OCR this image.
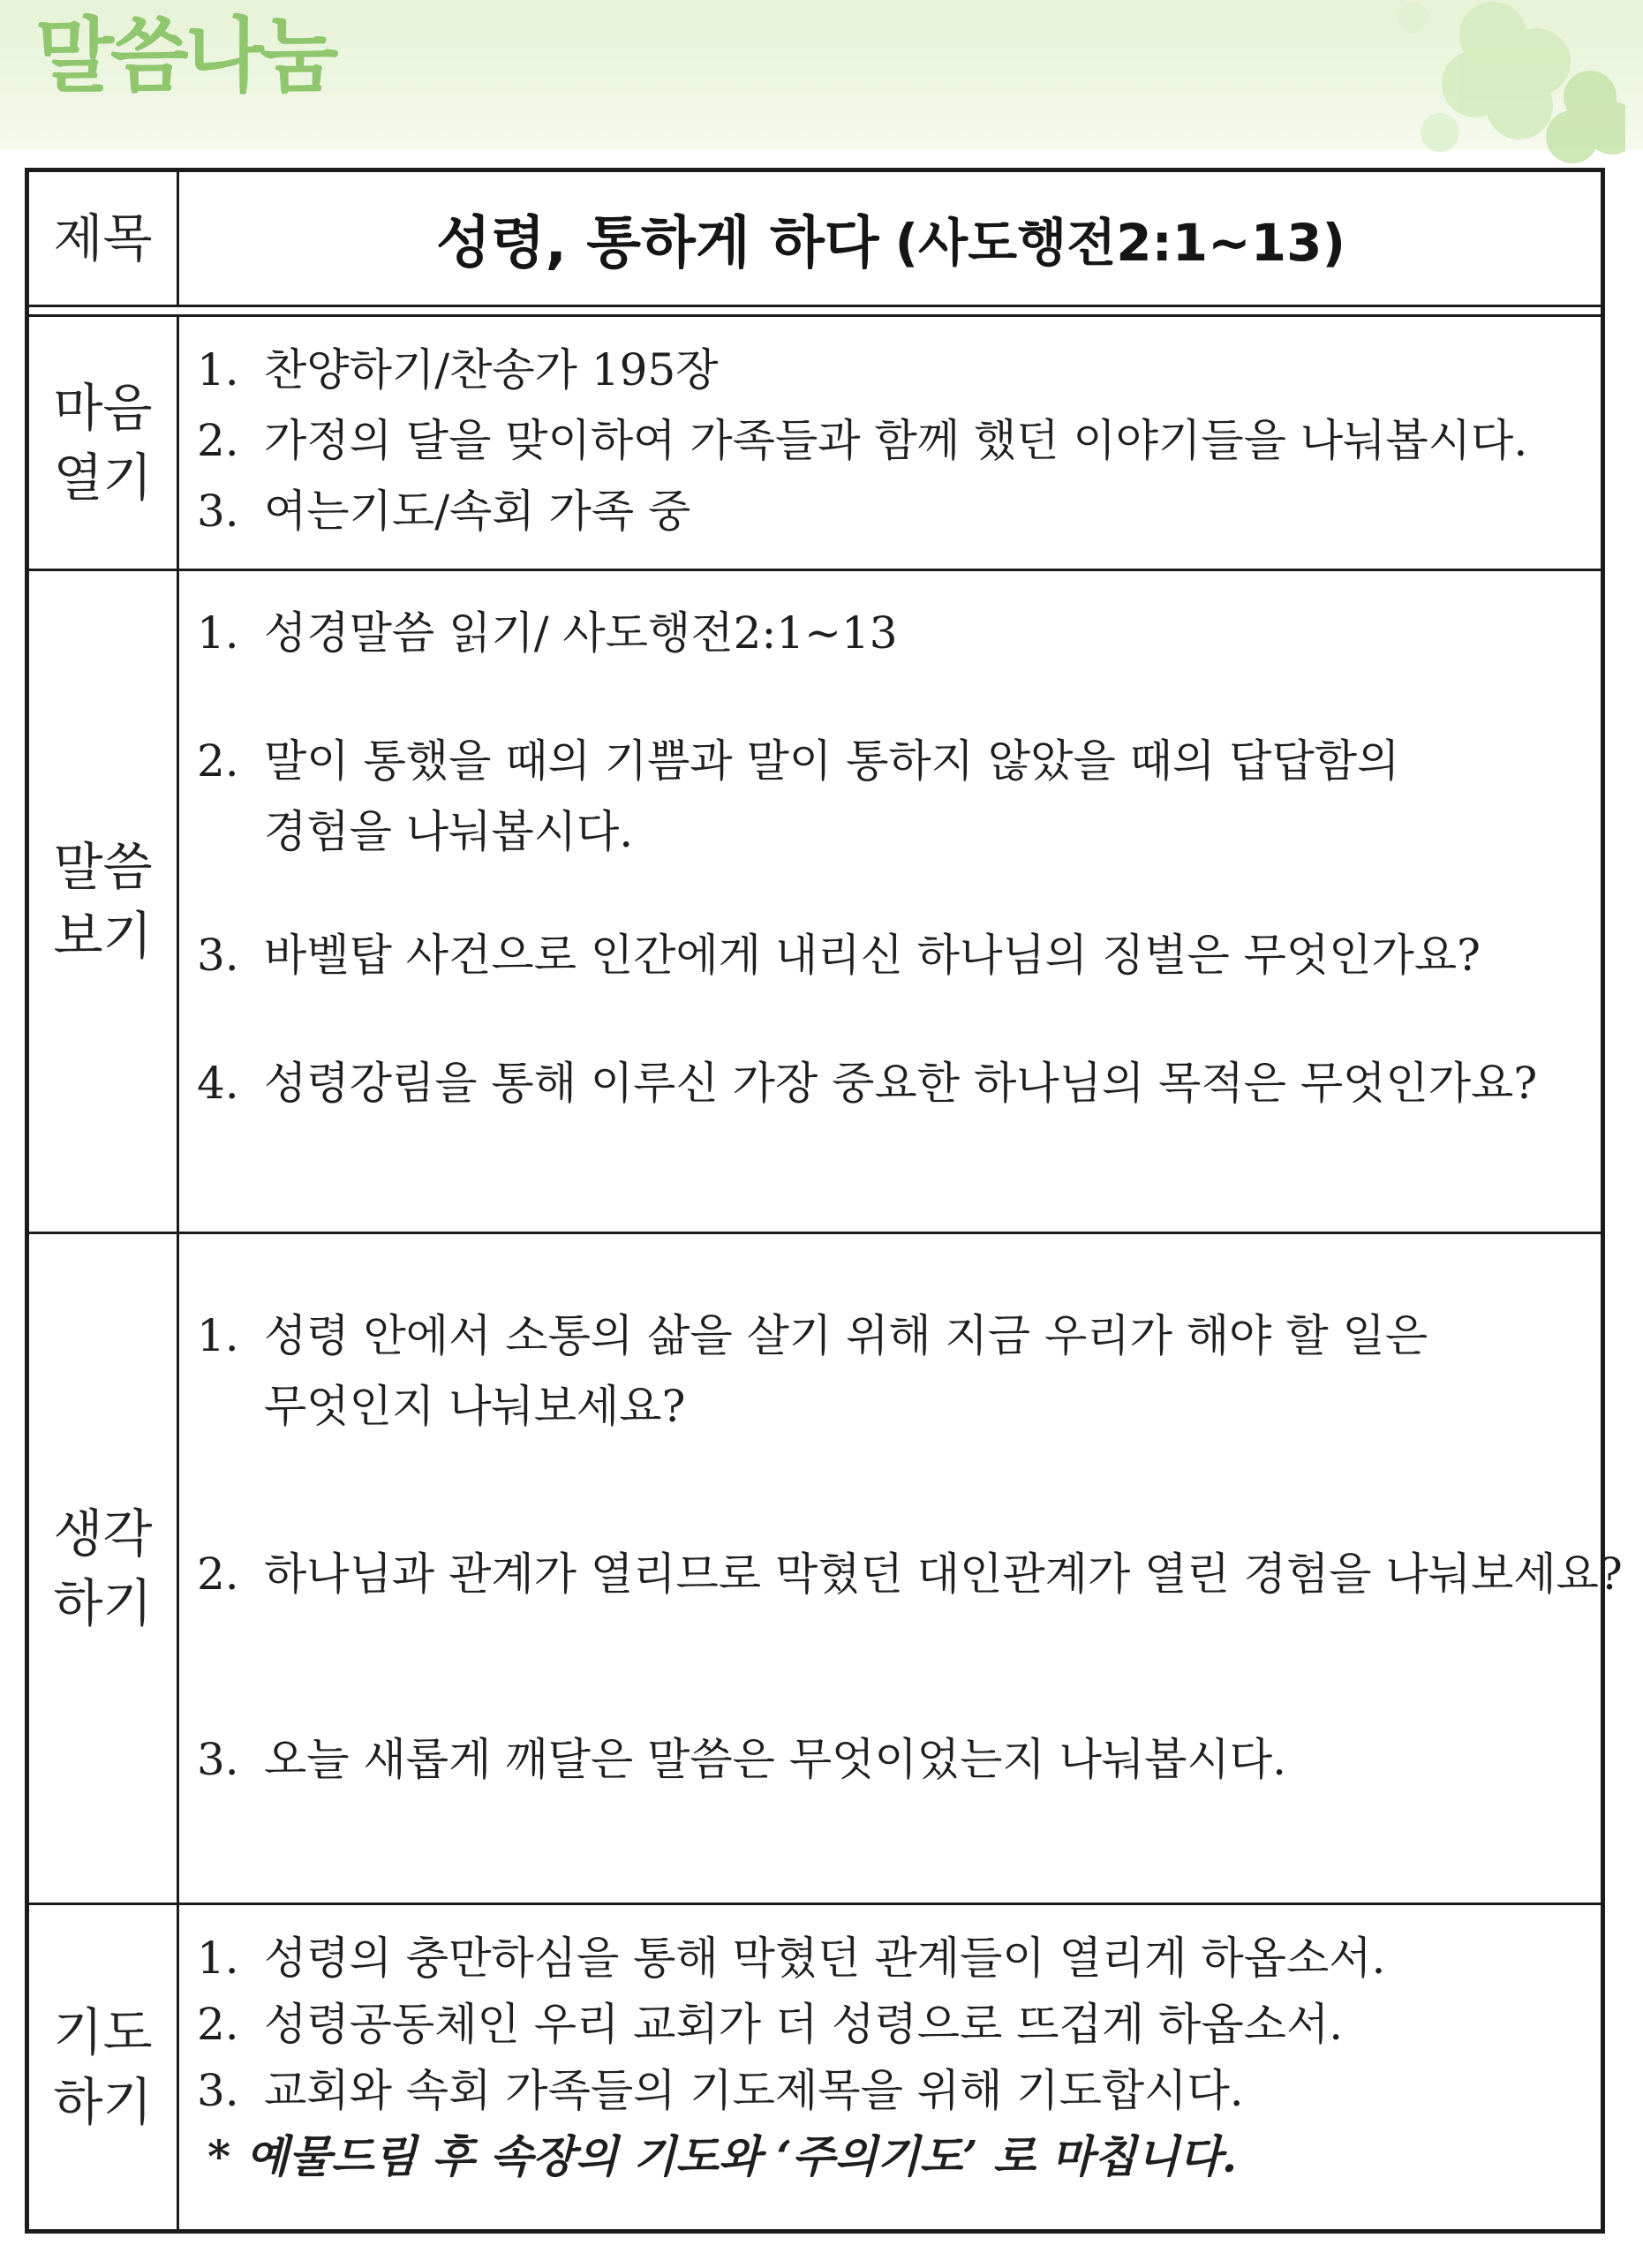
말씀나눔
제목	성령, 통하게 하다 (사도행전2:1~13)
마음
열기
1. 찬양하기/찬송가 195장
2. 가정의 달을 맞이하여 가족들과 함께 했던 이야기들을 나눠봅시다.
3. 여는기도/속회 가족 중
말씀
보기
1. 성경말씀 읽기/ 사도행전2:1~13
2. 말이 통했을 때의 기쁨과 말이 통하지 않았을 때의 답답함의
경험을 나눠봅시다.
3. 바벨탑 사건으로 인간에게 내리신 하나님의 징벌은 무엇인가요?
4. 성령강림을 통해 이루신 가장 중요한 하나님의 목적은 무엇인가요?
생각
하기
1. 성령 안에서 소통의 삶을 살기 위해 지금 우리가 해야 할 일은
무엇인지 나눠보세요?
2. 하나님과 관계가 열리므로 막혔던 대인관계가 열린 경험을 나눠보세요?
3. 오늘 새롭게 깨달은 말씀은 무엇이었는지 나눠봅시다.
기도
하기
1. 성령의 충만하심을 통해 막혔던 관계들이 열리게 하옵소서.
2. 성령공동체인 우리 교회가 더 성령으로 뜨겁게 하옵소서.
3. 교회와 속회 가족들의 기도제목을 위해 기도합시다.
* 예물드림 후 속장의 기도와 ‘주의기도’ 로 마칩니다.
